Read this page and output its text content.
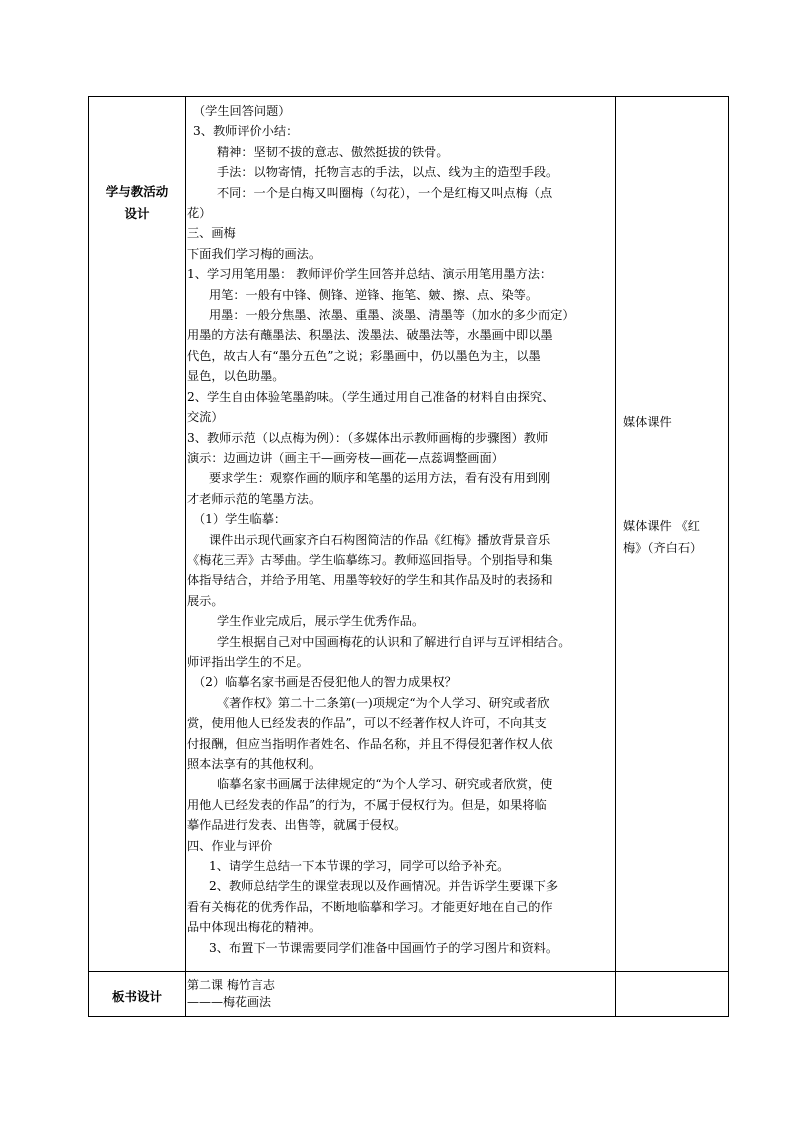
学与教活动
设计
板书设计
（学生回答问题）
3、教师评价小结：
精神：坚韧不拔的意志、傲然挺拔的铁骨。
手法：以物寄情，托物言志的手法，以点、线为主的造型手段。
不同：一个是白梅又叫圈梅（勾花），一个是红梅又叫点梅（点
花）
三、画梅
下面我们学习梅的画法。
1、学习用笔用墨： 教师评价学生回答并总结、演示用笔用墨方法：
用笔：一般有中锋、侧锋、逆锋、拖笔、皴、擦、点、染等。
用墨：一般分焦墨、浓墨、重墨、淡墨、清墨等（加水的多少而定）
用墨的方法有蘸墨法、积墨法、泼墨法、破墨法等，水墨画中即以墨
代色，故古人有“墨分五色”之说；彩墨画中，仍以墨色为主，以墨
显色，以色助墨。
2、学生自由体验笔墨韵味。（学生通过用自己准备的材料自由探究、
交流）
3、教师示范（以点梅为例）：（多媒体出示教师画梅的步骤图）教师
演示：边画边讲（画主干—画旁枝—画花—点蕊调整画面）
要求学生：观察作画的顺序和笔墨的运用方法，看有没有用到刚
才老师示范的笔墨方法。
（1）学生临摹：
课件出示现代画家齐白石构图简洁的作品《红梅》播放背景音乐
《梅花三弄》古琴曲。学生临摹练习。教师巡回指导。个别指导和集
体指导结合，并给予用笔、用墨等较好的学生和其作品及时的表扬和
展示。
学生作业完成后，展示学生优秀作品。
学生根据自己对中国画梅花的认识和了解进行自评与互评相结合。
师评指出学生的不足。
（2）临摹名家书画是否侵犯他人的智力成果权？
《著作权》第二十二条第(一)项规定“为个人学习、研究或者欣
赏，使用他人已经发表的作品”，可以不经著作权人许可，不向其支
付报酬，但应当指明作者姓名、作品名称，并且不得侵犯著作权人依
照本法享有的其他权利。
临摹名家书画属于法律规定的“为个人学习、研究或者欣赏，使
用他人已经发表的作品”的行为，不属于侵权行为。但是，如果将临
摹作品进行发表、出售等，就属于侵权。
四、作业与评价
1、请学生总结一下本节课的学习，同学可以给予补充。
2、教师总结学生的课堂表现以及作画情况。并告诉学生要课下多
看有关梅花的优秀作品，不断地临摹和学习。才能更好地在自己的作
品中体现出梅花的精神。
3、布置下一节课需要同学们准备中国画竹子的学习图片和资料。
媒体课件
媒体课件 《红
梅》（齐白石）
第二课 梅竹言志
———梅花画法
